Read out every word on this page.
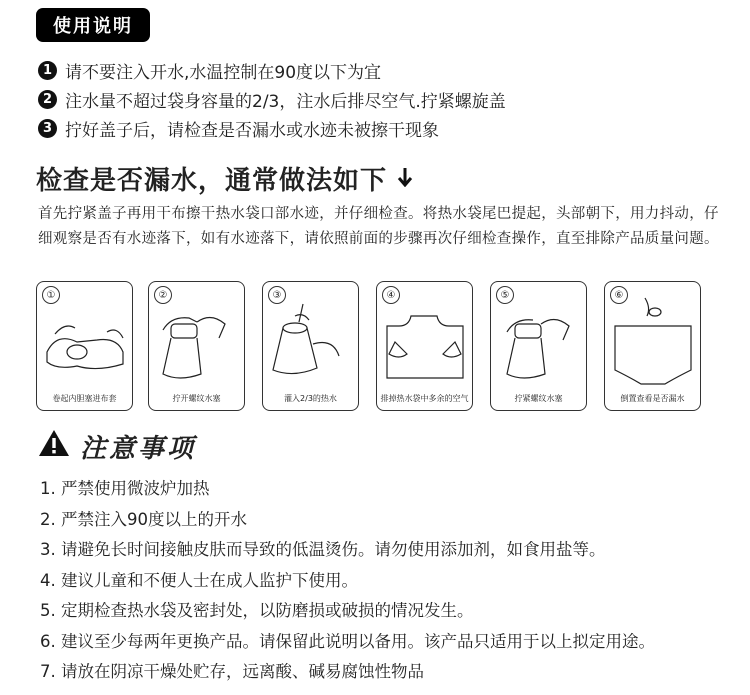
使用说明
1 请不要注入开水,水温控制在90度以下为宜
2 注水量不超过袋身容量的2/3，注水后排尽空气.拧紧螺旋盖
3 拧好盖子后，请检查是否漏水或水迹未被擦干现象
检查是否漏水，通常做法如下
首先拧紧盖子再用干布擦干热水袋口部水迹，并仔细检查。将热水袋尾巴提起，头部朝下，用力抖动，仔细观察是否有水迹落下，如有水迹落下，请依照前面的步骤再次仔细检查操作，直至排除产品质量问题。
①
卷起内胆塞进布套
②
拧开螺纹水塞
③
灌入2/3的热水
④
排掉热水袋中多余的空气
⑤
拧紧螺纹水塞
⑥
倒置查看是否漏水
注意事项
1. 严禁使用微波炉加热
2. 严禁注入90度以上的开水
3. 请避免长时间接触皮肤而导致的低温烫伤。请勿使用添加剂，如食用盐等。
4. 建议儿童和不便人士在成人监护下使用。
5. 定期检查热水袋及密封处，以防磨损或破损的情况发生。
6. 建议至少每两年更换产品。请保留此说明以备用。该产品只适用于以上拟定用途。
7. 请放在阴凉干燥处贮存，远离酸、碱易腐蚀性物品
